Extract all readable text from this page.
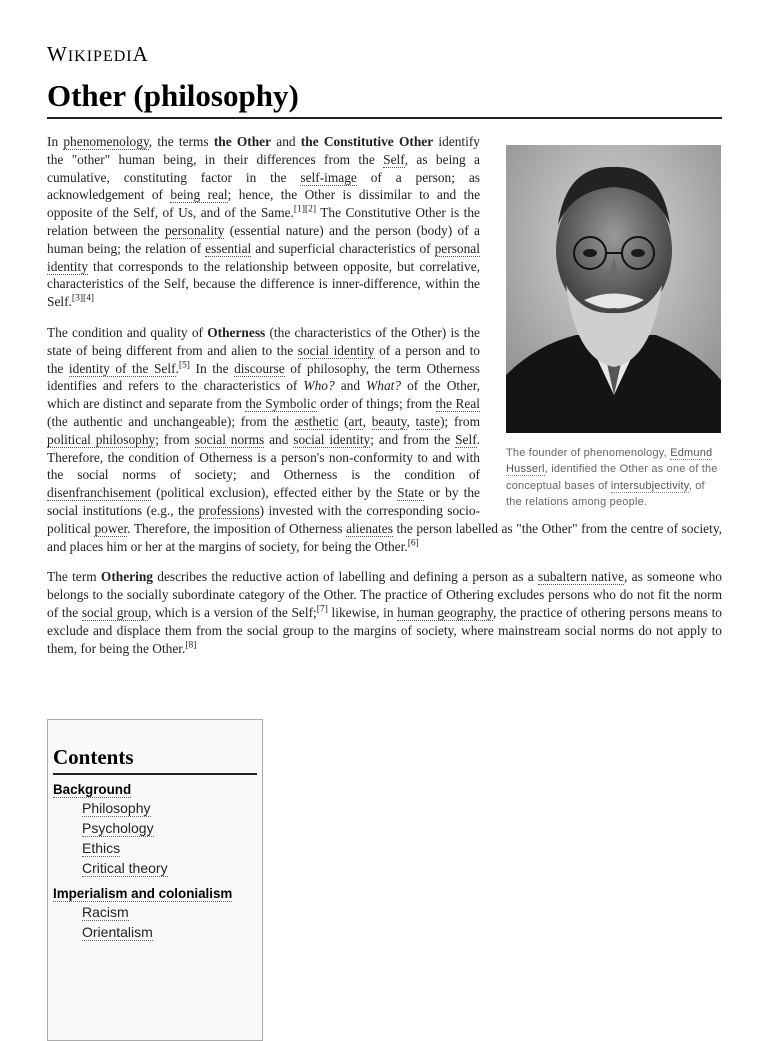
WIKIPEDIA
Other (philosophy)
The founder of phenomenology, Edmund Husserl, identified the Other as one of the conceptual bases of intersubjectivity, of the relations among people.

In phenomenology, the terms the Other and the Constitutive Other identify the "other" human being, in their differences from the Self, as being a cumulative, constituting factor in the self-image of a person; as acknowledgement of being real; hence, the Other is dissimilar to and the opposite of the Self, of Us, and of the Same.[1][2] The Constitutive Other is the relation between the personality (essential nature) and the person (body) of a human being; the relation of essential and superficial characteristics of personal identity that corresponds to the relationship between opposite, but correlative, characteristics of the Self, because the difference is inner-difference, within the Self.[3][4]

The condition and quality of Otherness (the characteristics of the Other) is the state of being different from and alien to the social identity of a person and to the identity of the Self.[5] In the discourse of philosophy, the term Otherness identifies and refers to the characteristics of Who? and What? of the Other, which are distinct and separate from the Symbolic order of things; from the Real (the authentic and unchangeable); from the æsthetic (art, beauty, taste); from political philosophy; from social norms and social identity; and from the Self. Therefore, the condition of Otherness is a person's non-conformity to and with the social norms of society; and Otherness is the condition of disenfranchisement (political exclusion), effected either by the State or by the social institutions (e.g., the professions) invested with the corresponding socio-political power. Therefore, the imposition of Otherness alienates the person labelled as "the Other" from the centre of society, and places him or her at the margins of society, for being the Other.[6]

The term Othering describes the reductive action of labelling and defining a person as a subaltern native, as someone who belongs to the socially subordinate category of the Other. The practice of Othering excludes persons who do not fit the norm of the social group, which is a version of the Self;[7] likewise, in human geography, the practice of othering persons means to exclude and displace them from the social group to the margins of society, where mainstream social norms do not apply to them, for being the Other.[8]

Contents
Background
Philosophy
Psychology
Ethics
Critical theory
Imperialism and colonialism
Racism
Orientalism
